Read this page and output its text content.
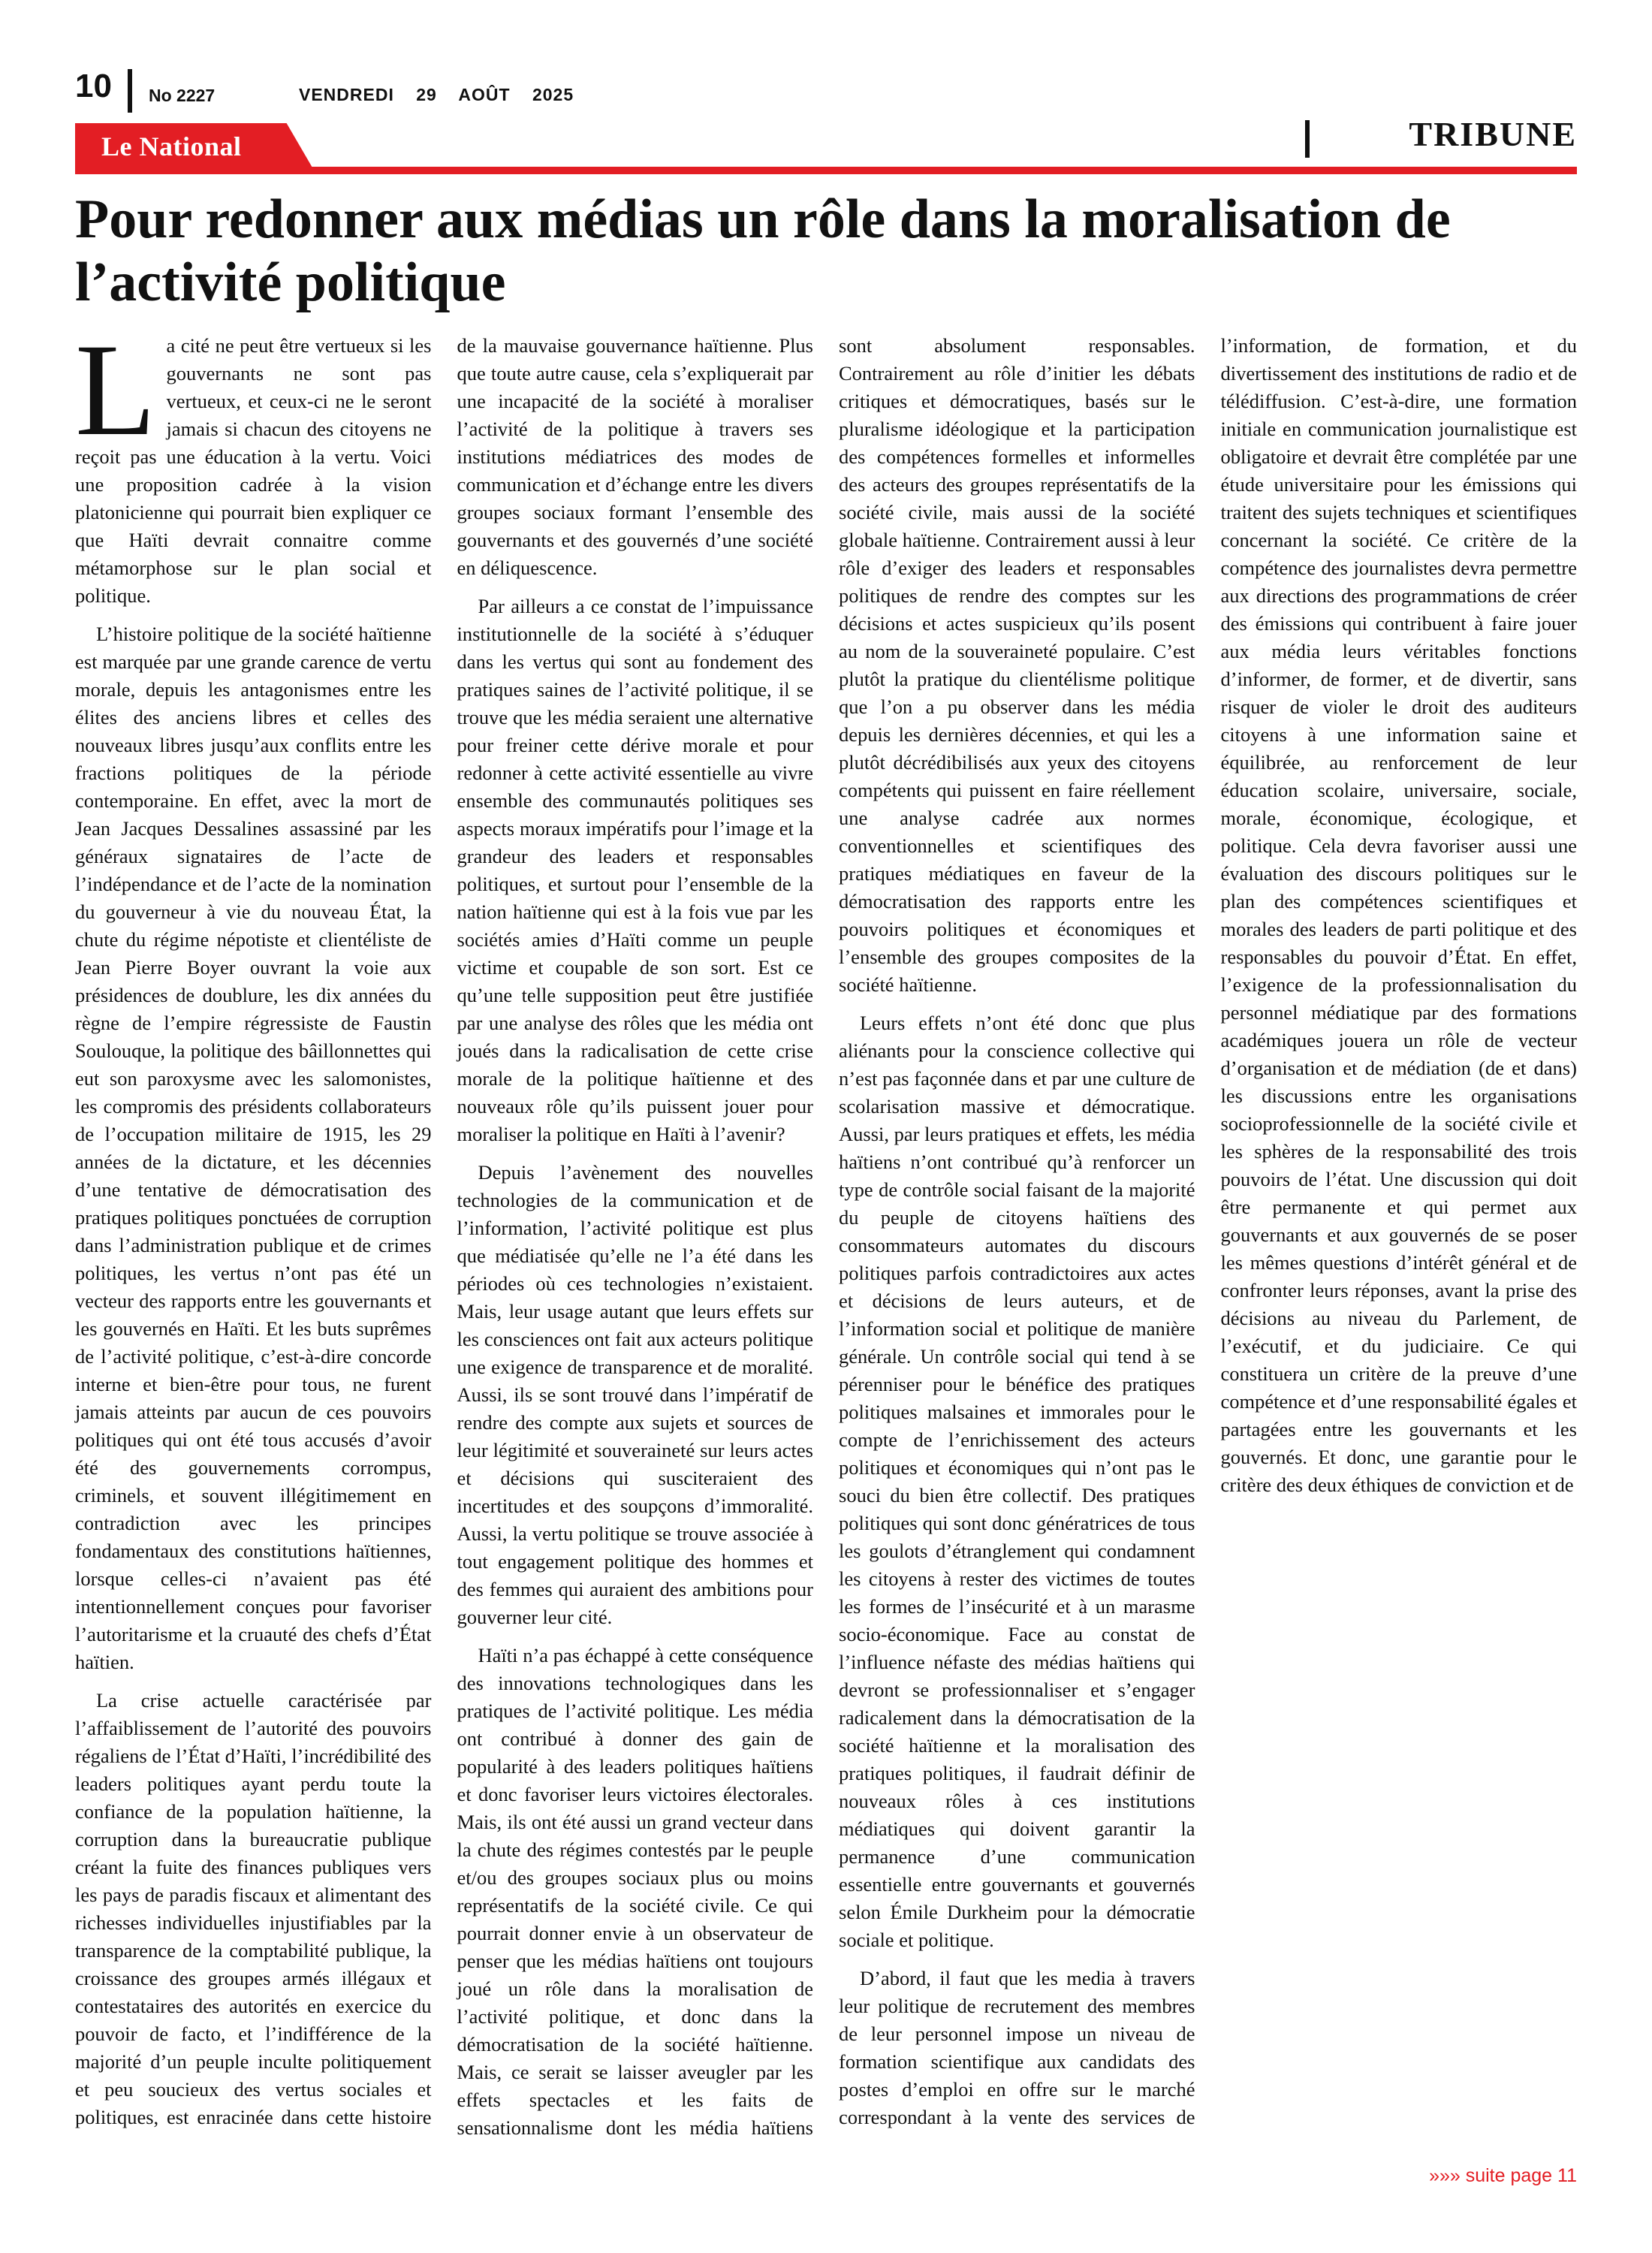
10 No 2227	VENDREDI 29 AOÛT 2025
Le National	TRIBUNE
Pour redonner aux médias un rôle dans la moralisation de l’activité politique

La cité ne peut être vertueux si les gouvernants ne sont pas vertueux, et ceux-ci ne le seront jamais si chacun des citoyens ne reçoit pas une éducation à la vertu. Voici une proposition cadrée à la vision platonicienne qui pourrait bien expliquer ce que Haïti devrait connaitre comme métamorphose sur le plan social et politique.

L’histoire politique de la société haïtienne est marquée par une grande carence de vertu morale, depuis les antagonismes entre les élites des anciens libres et celles des nouveaux libres jusqu’aux conflits entre les fractions politiques de la période contemporaine. En effet, avec la mort de Jean Jacques Dessalines assassiné par les généraux signataires de l’acte de l’indépendance et de l’acte de la nomination du gouverneur à vie du nouveau État, la chute du régime népotiste et clientéliste de Jean Pierre Boyer ouvrant la voie aux présidences de doublure, les dix années du règne de l’empire régressiste de Faustin Soulouque, la politique des bâillonnettes qui eut son paroxysme avec les salomonistes, les compromis des présidents collaborateurs de l’occupation militaire de 1915, les 29 années de la dictature, et les décennies d’une tentative de démocratisation des pratiques politiques ponctuées de corruption dans l’administration publique et de crimes politiques, les vertus n’ont pas été un vecteur des rapports entre les gouvernants et les gouvernés en Haïti. Et les buts suprêmes de l’activité politique, c’est-à-dire concorde interne et bien-être pour tous, ne furent jamais atteints par aucun de ces pouvoirs politiques qui ont été tous accusés d’avoir été des gouvernements corrompus, criminels, et souvent illégitimement en contradiction avec les principes fondamentaux des constitutions haïtiennes, lorsque celles-ci n’avaient pas été intentionnellement conçues pour favoriser l’autoritarisme et la cruauté des chefs d’État haïtien.

La crise actuelle caractérisée par l’affaiblissement de l’autorité des pouvoirs régaliens de l’État d’Haïti, l’incrédibilité des leaders politiques ayant perdu toute la confiance de la population haïtienne, la corruption dans la bureaucratie publique créant la fuite des finances publiques vers les pays de paradis fiscaux et alimentant des richesses individuelles injustifiables par la transparence de la comptabilité publique, la croissance des groupes armés illégaux et contestataires des autorités en exercice du pouvoir de facto, et l’indifférence de la majorité d’un peuple inculte politiquement et peu soucieux des vertus sociales et politiques, est enracinée dans cette histoire de la mauvaise gouvernance haïtienne. Plus que toute autre cause, cela s’expliquerait par une incapacité de la société à moraliser l’activité de la politique à travers ses institutions médiatrices des modes de communication et d’échange entre les divers groupes sociaux formant l’ensemble des gouvernants et des gouvernés d’une société en déliquescence.

Par ailleurs a ce constat de l’impuissance institutionnelle de la société à s’éduquer dans les vertus qui sont au fondement des pratiques saines de l’activité politique, il se trouve que les média seraient une alternative pour freiner cette dérive morale et pour redonner à cette activité essentielle au vivre ensemble des communautés politiques ses aspects moraux impératifs pour l’image et la grandeur des leaders et responsables politiques, et surtout pour l’ensemble de la nation haïtienne qui est à la fois vue par les sociétés amies d’Haïti comme un peuple victime et coupable de son sort. Est ce qu’une telle supposition peut être justifiée par une analyse des rôles que les média ont joués dans la radicalisation de cette crise morale de la politique haïtienne et des nouveaux rôle qu’ils puissent jouer pour moraliser la politique en Haïti à l’avenir?

Depuis l’avènement des nouvelles technologies de la communication et de l’information, l’activité politique est plus que médiatisée qu’elle ne l’a été dans les périodes où ces technologies n’existaient. Mais, leur usage autant que leurs effets sur les consciences ont fait aux acteurs politique une exigence de transparence et de moralité. Aussi, ils se sont trouvé dans l’impératif de rendre des compte aux sujets et sources de leur légitimité et souveraineté sur leurs actes et décisions qui susciteraient des incertitudes et des soupçons d’immoralité. Aussi, la vertu politique se trouve associée à tout engagement politique des hommes et des femmes qui auraient des ambitions pour gouverner leur cité.

Haïti n’a pas échappé à cette conséquence des innovations technologiques dans les pratiques de l’activité politique. Les média ont contribué à donner des gain de popularité à des leaders politiques haïtiens et donc favoriser leurs victoires électorales. Mais, ils ont été aussi un grand vecteur dans la chute des régimes contestés par le peuple et/ou des groupes sociaux plus ou moins représentatifs de la société civile. Ce qui pourrait donner envie à un observateur de penser que les médias haïtiens ont toujours joué un rôle dans la moralisation de l’activité politique, et donc dans la démocratisation de la société haïtienne. Mais, ce serait se laisser aveugler par les effets spectacles et les faits de sensationnalisme dont les média haïtiens sont absolument responsables. Contrairement au rôle d’initier les débats critiques et démocratiques, basés sur le pluralisme idéologique et la participation des compétences formelles et informelles des acteurs des groupes représentatifs de la société civile, mais aussi de la société globale haïtienne. Contrairement aussi à leur rôle d’exiger des leaders et responsables politiques de rendre des comptes sur les décisions et actes suspicieux qu’ils posent au nom de la souveraineté populaire. C’est plutôt la pratique du clientélisme politique que l’on a pu observer dans les média depuis les dernières décennies, et qui les a plutôt décrédibilisés aux yeux des citoyens compétents qui puissent en faire réellement une analyse cadrée aux normes conventionnelles et scientifiques des pratiques médiatiques en faveur de la démocratisation des rapports entre les pouvoirs politiques et économiques et l’ensemble des groupes composites de la société haïtienne.

Leurs effets n’ont été donc que plus aliénants pour la conscience collective qui n’est pas façonnée dans et par une culture de scolarisation massive et démocratique. Aussi, par leurs pratiques et effets, les média haïtiens n’ont contribué qu’à renforcer un type de contrôle social faisant de la majorité du peuple de citoyens haïtiens des consommateurs automates du discours politiques parfois contradictoires aux actes et décisions de leurs auteurs, et de l’information social et politique de manière générale. Un contrôle social qui tend à se pérenniser pour le bénéfice des pratiques politiques malsaines et immorales pour le compte de l’enrichissement des acteurs politiques et économiques qui n’ont pas le souci du bien être collectif. Des pratiques politiques qui sont donc génératrices de tous les goulots d’étranglement qui condamnent les citoyens à rester des victimes de toutes les formes de l’insécurité et à un marasme socio-économique. Face au constat de l’influence néfaste des médias haïtiens qui devront se professionnaliser et s’engager radicalement dans la démocratisation de la société haïtienne et la moralisation des pratiques politiques, il faudrait définir de nouveaux rôles à ces institutions médiatiques qui doivent garantir la permanence d’une communication essentielle entre gouvernants et gouvernés selon Émile Durkheim pour la démocratie sociale et politique.

D’abord, il faut que les media à travers leur politique de recrutement des membres de leur personnel impose un niveau de formation scientifique aux candidats des postes d’emploi en offre sur le marché correspondant à la vente des services de l’information, de formation, et du divertissement des institutions de radio et de télédiffusion. C’est-à-dire, une formation initiale en communication journalistique est obligatoire et devrait être complétée par une étude universitaire pour les émissions qui traitent des sujets techniques et scientifiques concernant la société. Ce critère de la compétence des journalistes devra permettre aux directions des programmations de créer des émissions qui contribuent à faire jouer aux média leurs véritables fonctions d’informer, de former, et de divertir, sans risquer de violer le droit des auditeurs citoyens à une information saine et équilibrée, au renforcement de leur éducation scolaire, universaire, sociale, morale, économique, écologique, et politique. Cela devra favoriser aussi une évaluation des discours politiques sur le plan des compétences scientifiques et morales des leaders de parti politique et des responsables du pouvoir d’État. En effet, l’exigence de la professionnalisation du personnel médiatique par des formations académiques jouera un rôle de vecteur d’organisation et de médiation (de et dans) les discussions entre les organisations socioprofessionnelle de la société civile et les sphères de la responsabilité des trois pouvoirs de l’état. Une discussion qui doit être permanente et qui permet aux gouvernants et aux gouvernés de se poser les mêmes questions d’intérêt général et de confronter leurs réponses, avant la prise des décisions au niveau du Parlement, de l’exécutif, et du judiciaire. Ce qui constituera un critère de la preuve d’une compétence et d’une responsabilité égales et partagées entre les gouvernants et les gouvernés. Et donc, une garantie pour le critère des deux éthiques de conviction et de

»»» suite page 11
